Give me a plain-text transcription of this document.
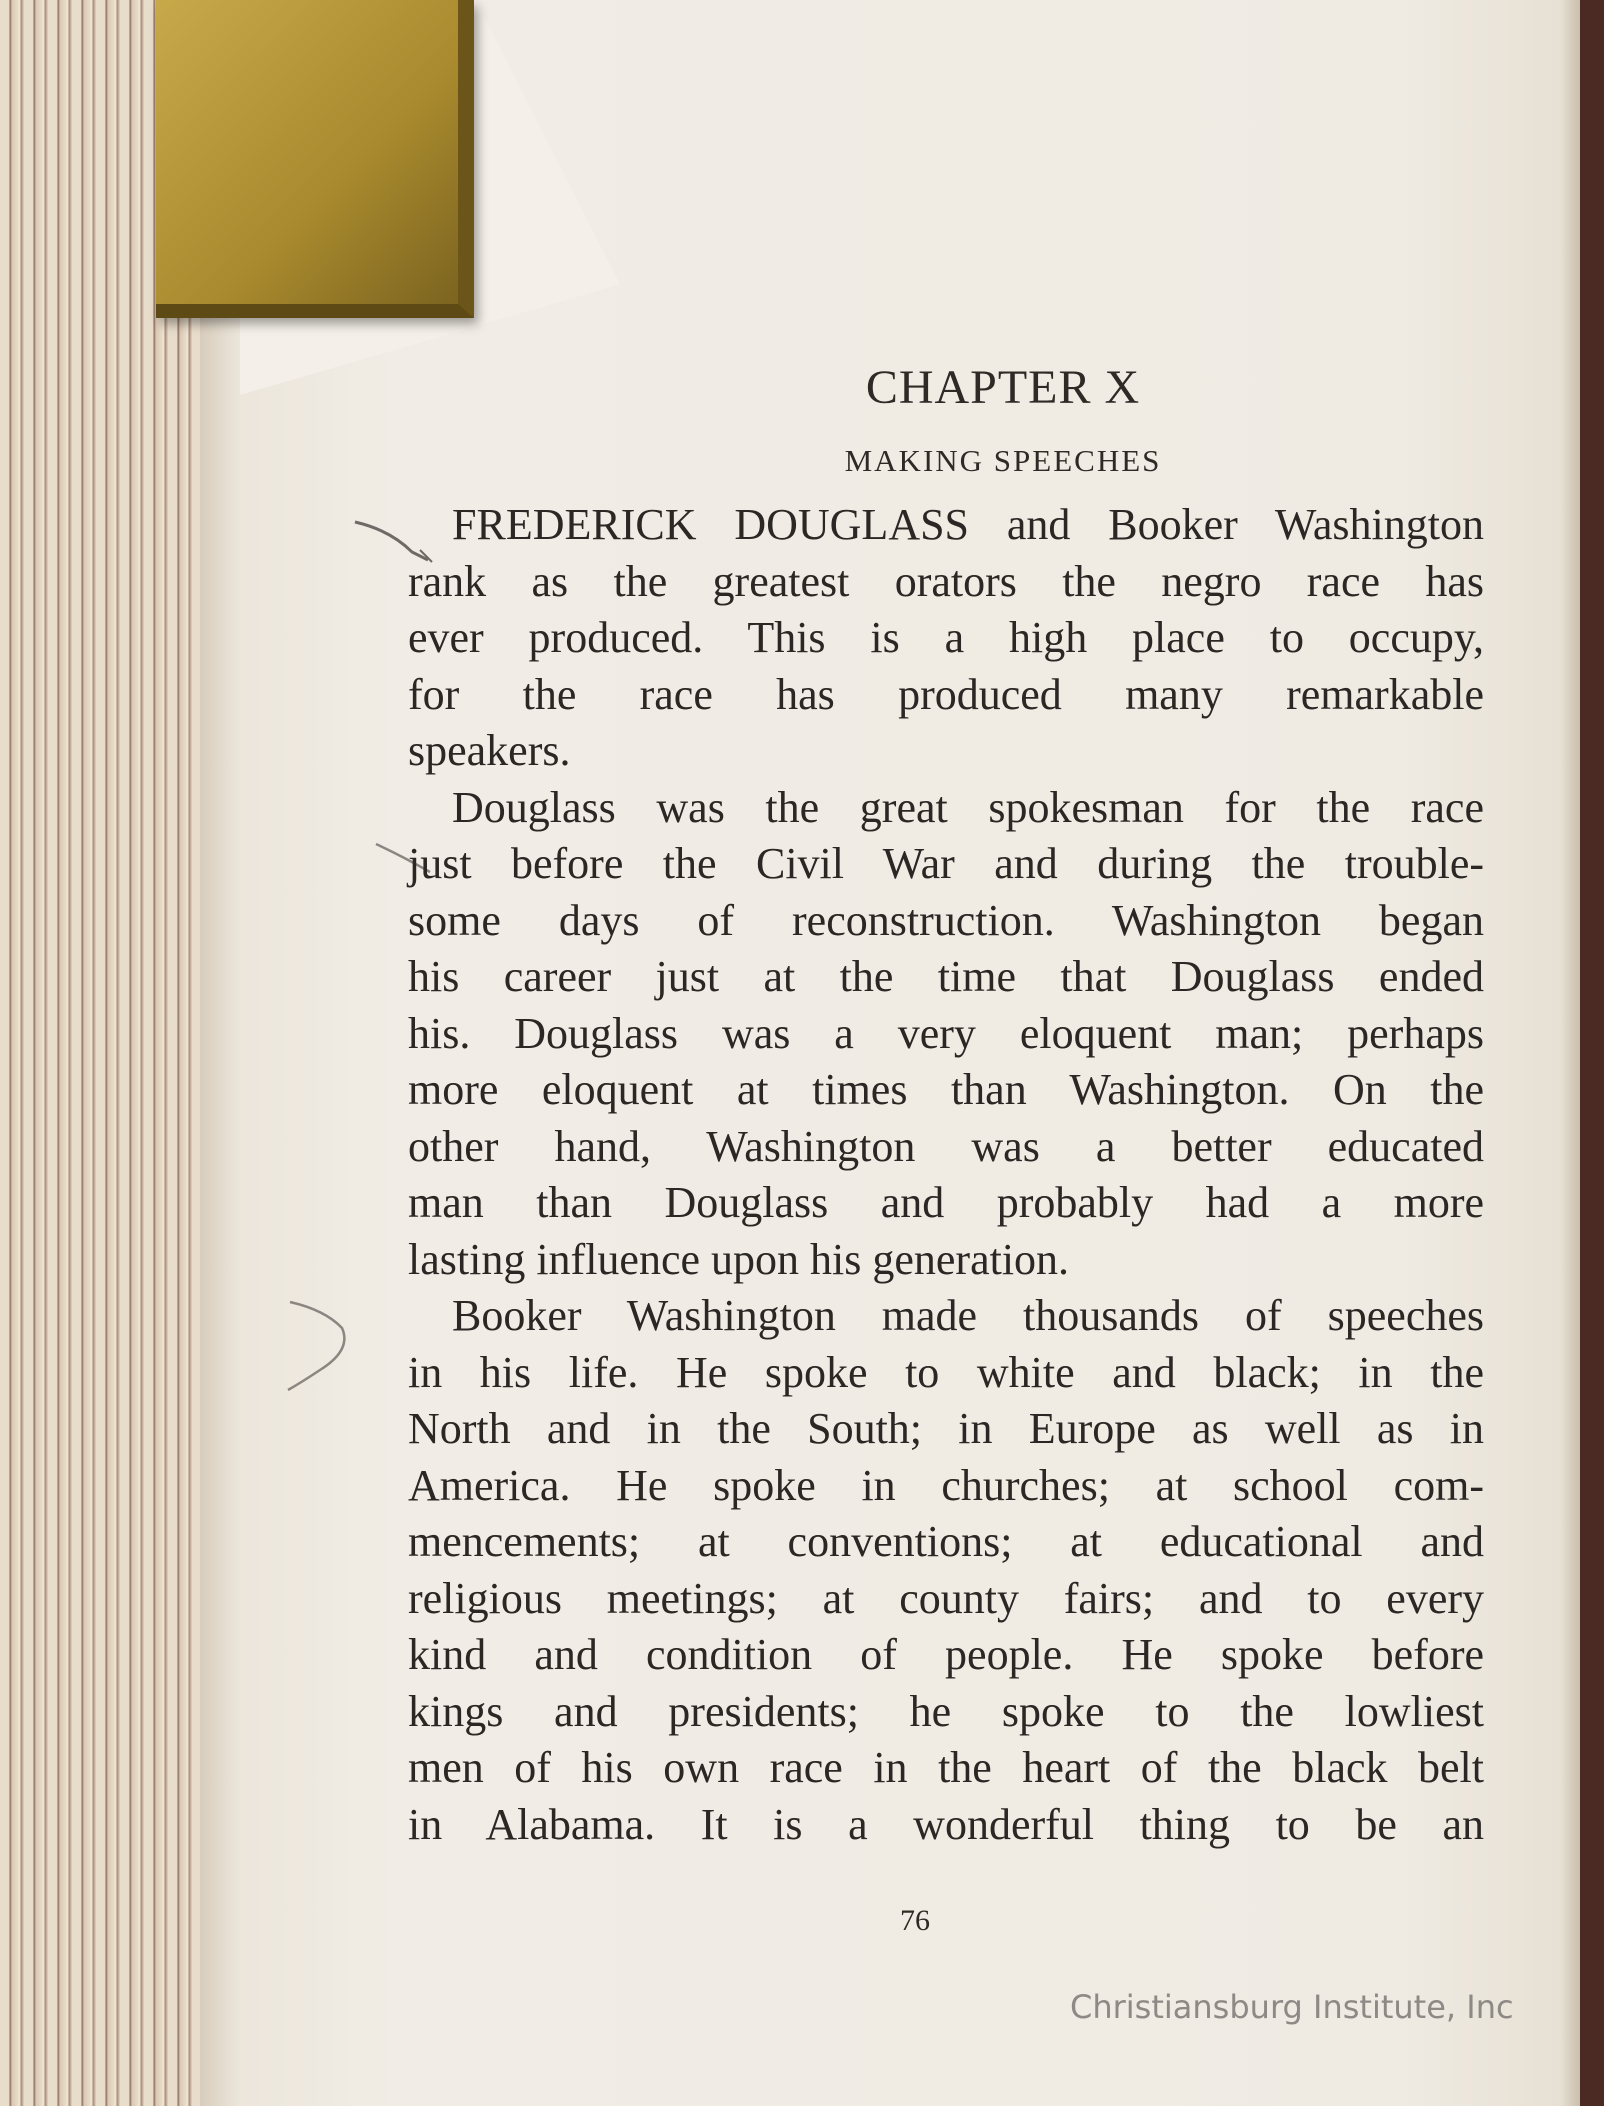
CHAPTER X
MAKING SPEECHES
FREDERICK DOUGLASS and Booker Washington
rank as the greatest orators the negro race has
ever produced. This is a high place to occupy,
for the race has produced many remarkable
speakers.
Douglass was the great spokesman for the race
just before the Civil War and during the trouble-
some days of reconstruction. Washington began
his career just at the time that Douglass ended
his. Douglass was a very eloquent man; perhaps
more eloquent at times than Washington. On the
other hand, Washington was a better educated
man than Douglass and probably had a more
lasting influence upon his generation.
Booker Washington made thousands of speeches
in his life. He spoke to white and black; in the
North and in the South; in Europe as well as in
America. He spoke in churches; at school com-
mencements; at conventions; at educational and
religious meetings; at county fairs; and to every
kind and condition of people. He spoke before
kings and presidents; he spoke to the lowliest
men of his own race in the heart of the black belt
in Alabama. It is a wonderful thing to be an
76
Christiansburg Institute, Inc
